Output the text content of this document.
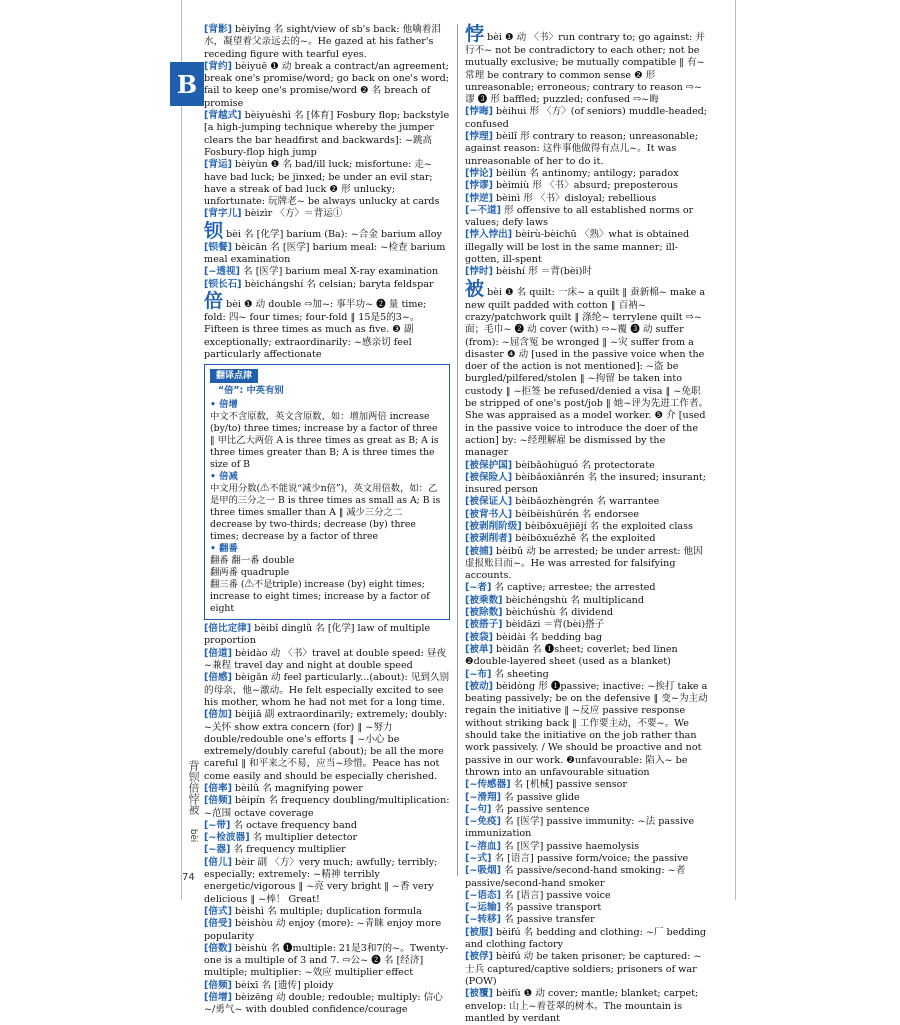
B
背钡倍悖被 bèi
74

[背影] bèiyǐng 名 sight/view of sb's back: 他噙着泪水，凝望着父亲远去的~。He gazed at his father's receding figure with tearful eyes.

[背约] bèiyuē ❶ 动 break a contract/an agreement; break one's promise/word; go back on one's word; fail to keep one's promise/word ❷ 名 breach of promise

[背越式] bèiyuèshì 名 [体育] Fosbury flop; backstyle [a high-jumping technique whereby the jumper clears the bar headfirst and backwards]: ~跳高 Fosbury-flop high jump

[背运] bèiyùn ❶ 名 bad/ill luck; misfortune: 走~ have bad luck; be jinxed; be under an evil star; have a streak of bad luck ❷ 形 unlucky; unfortunate: 玩牌老~ be always unlucky at cards

[背字儿] bèizìr 〈方〉＝背运①

钡 bèi 名 [化学] barium (Ba): ~合金 barium alloy

[钡餐] bèicān 名 [医学] barium meal: ~检查 barium meal examination

[~透视] 名 [医学] barium meal X-ray examination

[钡长石] bèichángshí 名 celsian; baryta feldspar

倍 bèi ❶ 动 double ⇨加~: 事半功~ ❷ 量 time; fold: 四~ four times; four-fold ‖ 15是5的3~。Fifteen is three times as much as five. ❸ 副 exceptionally; extraordinarily: ~感亲切 feel particularly affectionate

翻译点津
“倍”: 中英有别

• 倍增

中文不含原数，英文含原数，如：增加两倍 increase (by/to) three times; increase by a factor of three ‖ 甲比乙大两倍 A is three times as great as B; A is three times greater than B; A is three times the size of B

• 倍减

中文用分数(⚠不能说“减少n倍”)，英文用倍数，如：乙是甲的三分之一 B is three times as small as A; B is three times smaller than A ‖ 减少三分之二 decrease by two-thirds; decrease (by) three times; decrease by a factor of three

• 翻番

翻番 翻一番 double

翻两番 quadruple

翻三番 (⚠不是triple) increase (by) eight times; increase to eight times; increase by a factor of eight

[倍比定律] bèibǐ dìnglǜ 名 [化学] law of multiple proportion

[倍道] bèidào 动 〈书〉travel at double speed: 昼夜~兼程 travel day and night at double speed

[倍感] bèigǎn 动 feel particularly...(about): 见到久别的母亲，他~激动。He felt especially excited to see his mother, whom he had not met for a long time.

[倍加] bèijiā 副 extraordinarily; extremely; doubly: ~关怀 show extra concern (for) ‖ ~努力 double/redouble one's efforts ‖ ~小心 be extremely/doubly careful (about); be all the more careful ‖ 和平来之不易，应当~珍惜。Peace has not come easily and should be especially cherished.

[倍率] bèilǜ 名 magnifying power

[倍频] bèipín 名 frequency doubling/multiplication: ~范围 octave coverage

[~带] 名 octave frequency band

[~检波器] 名 multiplier detector

[~器] 名 frequency multiplier

[倍儿] bèir 副 〈方〉very much; awfully; terribly; especially; extremely: ~精神 terribly energetic/vigorous ‖ ~亮 very bright ‖ ~香 very delicious ‖ ~棒！ Great!

[倍式] bèishì 名 multiple; duplication formula

[倍受] bèishòu 动 enjoy (more): ~青睐 enjoy more popularity

[倍数] bèishù 名 ❶multiple: 21是3和7的~。Twenty-one is a multiple of 3 and 7. ⇨公~ ❷ 名 [经济] multiple; multiplier: ~效应 multiplier effect

[倍频] bèixī 名 [遗传] ploidy

[倍增] bèizēng 动 double; redouble; multiply: 信心~/勇气~ with doubled confidence/courage

悖 bèi ❶ 动 〈书〉run contrary to; go against: 并行不~ not be contradictory to each other; not be mutually exclusive; be mutually compatible ‖ 有~常理 be contrary to common sense ❷ 形 unreasonable; erroneous; contrary to reason ⇨~谬 ❸ 形 baffled; puzzled; confused ⇨~晦

[悖晦] bèihui 形 〈方〉(of seniors) muddle-headed; confused

[悖理] bèilǐ 形 contrary to reason; unreasonable; against reason: 这件事他做得有点儿~。It was unreasonable of her to do it.

[悖论] bèilùn 名 antinomy; antilogy; paradox

[悖谬] bèimiù 形 〈书〉absurd; preposterous

[悖逆] bèinì 形 〈书〉disloyal; rebellious

[~不道] 形 offensive to all established norms or values; defy laws

[悖入悖出] bèirù-bèichū 〈熟〉what is obtained illegally will be lost in the same manner; ill-gotten, ill-spent

[悖时] bèishí 形 ＝背(bèi)时

被 bèi ❶ 名 quilt: 一床~ a quilt ‖ 蚕新棉~ make a new quilt padded with cotton ‖ 百衲~ crazy/patchwork quilt ‖ 涤纶~ terrylene quilt ⇨~面；毛巾~ ❷ 动 cover (with) ⇨~覆 ❸ 动 suffer (from): ~屈含冤 be wronged ‖ ~灾 suffer from a disaster ❹ 动 [used in the passive voice when the doer of the action is not mentioned]: ~盗 be burgled/pilfered/stolen ‖ ~拘留 be taken into custody ‖ ~拒签 be refused/denied a visa ‖ ~免职 be stripped of one's post/job ‖ 她~评为先进工作者。She was appraised as a model worker. ❺ 介 [used in the passive voice to introduce the doer of the action] by: ~经理解雇 be dismissed by the manager

[被保护国] bèibǎohùguó 名 protectorate

[被保险人] bèibǎoxiǎnrén 名 the insured; insurant; insured person

[被保证人] bèibǎozhèngrén 名 warrantee

[被背书人] bèibèishūrén 名 endorsee

[被剥削阶级] bèibōxuējiējí 名 the exploited class

[被剥削者] bèibōxuēzhě 名 the exploited

[被捕] bèibǔ 动 be arrested; be under arrest: 他因虚报账目而~。He was arrested for falsifying accounts.

[~者] 名 captive; arrestee; the arrested

[被乘数] bèichéngshù 名 multiplicand

[被除数] bèichúshù 名 dividend

[被搭子] bèidāzi ＝背(bèi)搭子

[被袋] bèidài 名 bedding bag

[被单] bèidān 名 ❶sheet; coverlet; bed linen ❷double-layered sheet (used as a blanket)

[~布] 名 sheeting

[被动] bèidòng 形 ❶passive; inactive: ~挨打 take a beating passively; be on the defensive ‖ 变~为主动 regain the initiative ‖ ~反应 passive response without striking back ‖ 工作要主动，不要~。We should take the initiative on the job rather than work passively. / We should be proactive and not passive in our work. ❷unfavourable: 陷入~ be thrown into an unfavourable situation

[~传感器] 名 [机械] passive sensor

[~滑翔] 名 passive glide

[~句] 名 passive sentence

[~免疫] 名 [医学] passive immunity: ~法 passive immunization

[~溶血] 名 [医学] passive haemolysis

[~式] 名 [语言] passive form/voice; the passive

[~吸烟] 名 passive/second-hand smoking: ~者 passive/second-hand smoker

[~语态] 名 [语言] passive voice

[~运输] 名 passive transport

[~转移] 名 passive transfer

[被服] bèifú 名 bedding and clothing: ~厂 bedding and clothing factory

[被俘] bèifú 动 be taken prisoner; be captured: ~士兵 captured/captive soldiers; prisoners of war (POW)

[被覆] bèifù ❶ 动 cover; mantle; blanket; carpet; envelop: 山上~着苍翠的树木。The mountain is mantled by verdant
